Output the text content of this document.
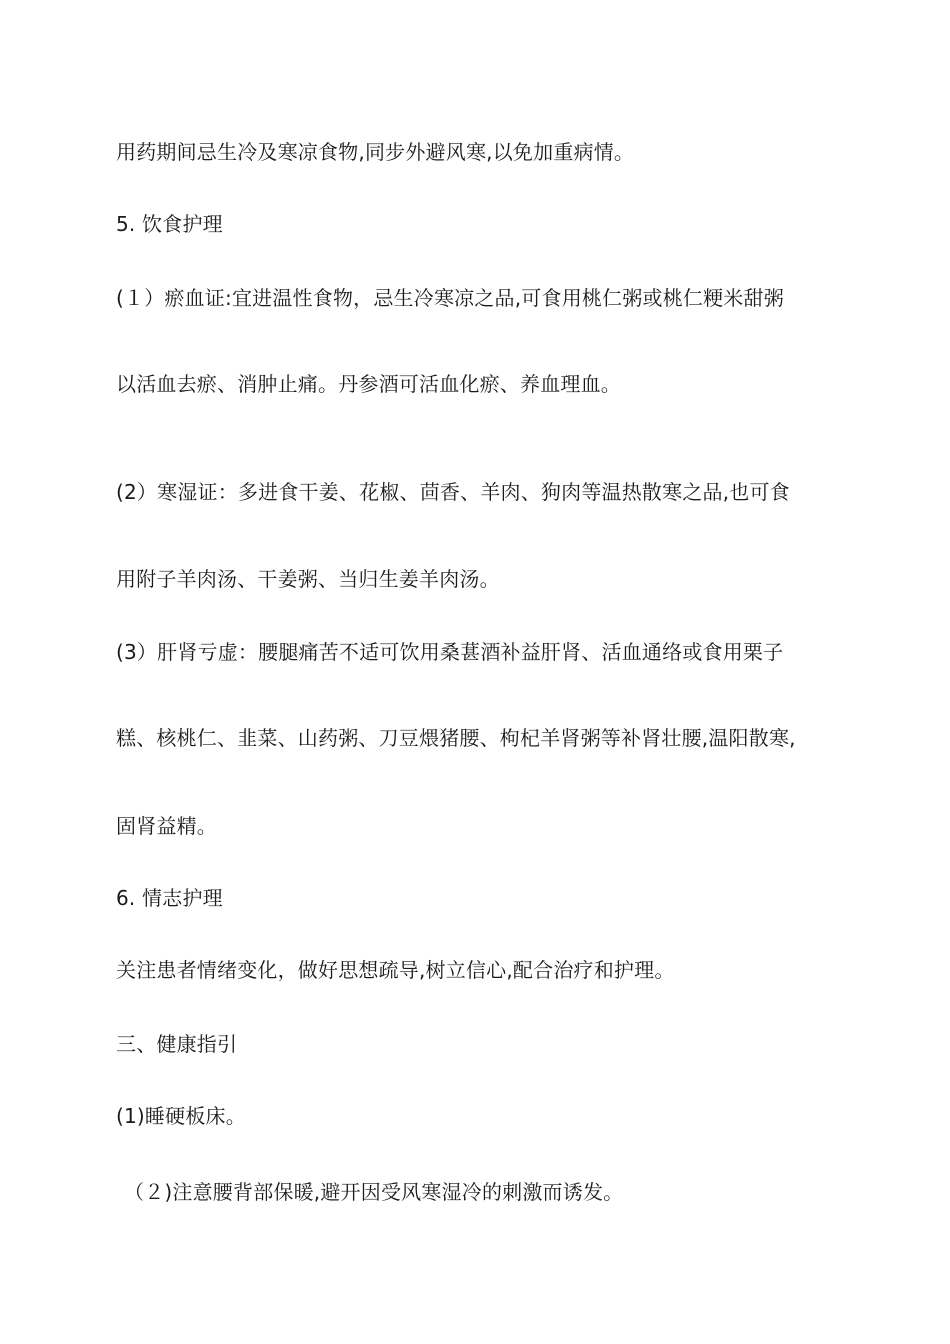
用药期间忌生冷及寒凉食物,同步外避风寒,以免加重病情。
5. 饮食护理
(１）瘀血证:宜进温性食物，忌生冷寒凉之品,可食用桃仁粥或桃仁粳米甜粥
以活血去瘀、消肿止痛。丹参酒可活血化瘀、养血理血。
(2）寒湿证：多进食干姜、花椒、茴香、羊肉、狗肉等温热散寒之品,也可食
用附子羊肉汤、干姜粥、当归生姜羊肉汤。
(3）肝肾亏虚：腰腿痛苦不适可饮用桑葚酒补益肝肾、活血通络或食用栗子
糕、核桃仁、韭菜、山药粥、刀豆煨猪腰、枸杞羊肾粥等补肾壮腰,温阳散寒,
固肾益精。
6. 情志护理
关注患者情绪变化，做好思想疏导,树立信心,配合治疗和护理。
三、健康指引
(1)睡硬板床。
（２)注意腰背部保暖,避开因受风寒湿冷的刺激而诱发。
